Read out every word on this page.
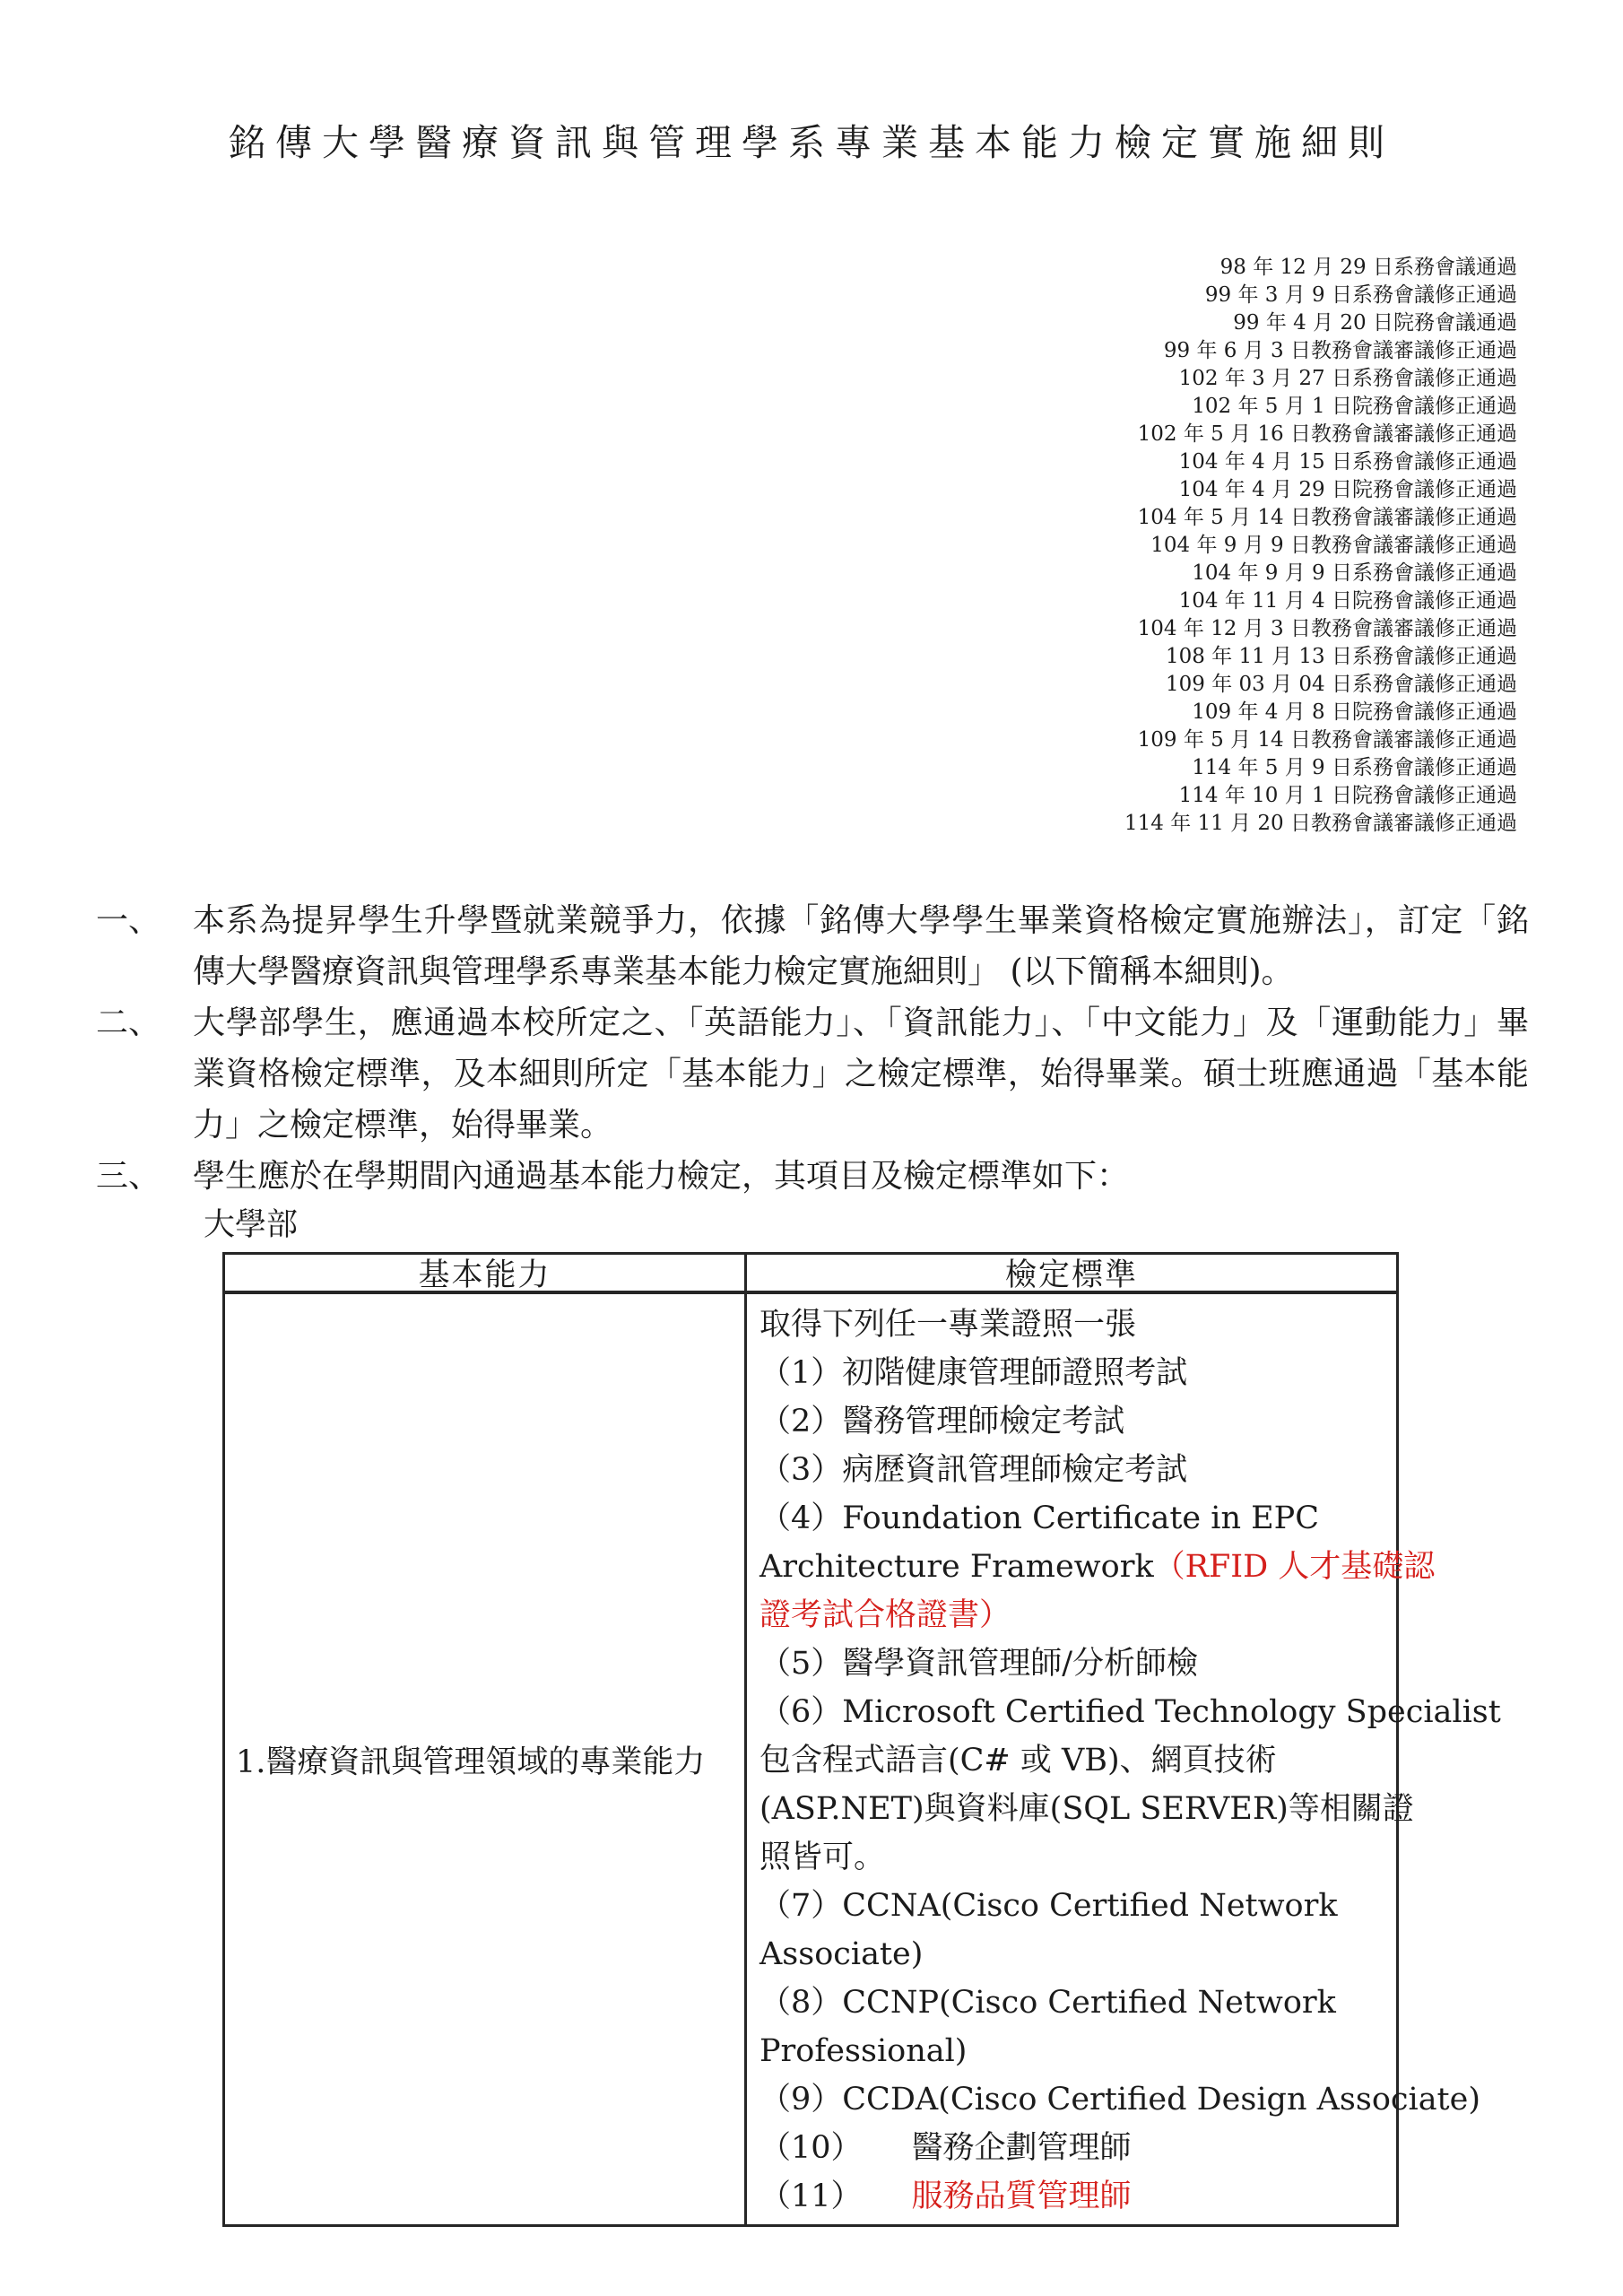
銘傳大學醫療資訊與管理學系專業基本能力檢定實施細則
98 年 12 月 29 日系務會議通過
99 年 3 月 9 日系務會議修正通過
99 年 4 月 20 日院務會議通過
99 年 6 月 3 日教務會議審議修正通過
102 年 3 月 27 日系務會議修正通過
102 年 5 月 1 日院務會議修正通過
102 年 5 月 16 日教務會議審議修正通過
104 年 4 月 15 日系務會議修正通過
104 年 4 月 29 日院務會議修正通過
104 年 5 月 14 日教務會議審議修正通過
104 年 9 月 9 日教務會議審議修正通過
104 年 9 月 9 日系務會議修正通過
104 年 11 月 4 日院務會議修正通過
104 年 12 月 3 日教務會議審議修正通過
108 年 11 月 13 日系務會議修正通過
109 年 03 月 04 日系務會議修正通過
109 年 4 月 8 日院務會議修正通過
109 年 5 月 14 日教務會議審議修正通過
114 年 5 月 9 日系務會議修正通過
114 年 10 月 1 日院務會議修正通過
114 年 11 月 20 日教務會議審議修正通過
一、 本系為提昇學生升學暨就業競爭力，依據「銘傳大學學生畢業資格檢定實施辦法」，訂定「銘傳大學醫療資訊與管理學系專業基本能力檢定實施細則」 (以下簡稱本細則)。
二、 大學部學生，應通過本校所定之、「英語能力」、「資訊能力」、「中文能力」及「運動能力」畢業資格檢定標準，及本細則所定「基本能力」之檢定標準，始得畢業。碩士班應通過「基本能力」之檢定標準，始得畢業。
三、 學生應於在學期間內通過基本能力檢定，其項目及檢定標準如下：
大學部
基本能力	檢定標準
1.醫療資訊與管理領域的專業能力
取得下列任一專業證照一張
（1）初階健康管理師證照考試
（2）醫務管理師檢定考試
（3）病歷資訊管理師檢定考試
（4）Foundation Certificate in EPC
Architecture Framework（RFID 人才基礎認
證考試合格證書）
（5）醫學資訊管理師/分析師檢
（6）Microsoft Certified Technology Specialist
包含程式語言(C# 或 VB)、網頁技術
(ASP.NET)與資料庫(SQL SERVER)等相關證
照皆可。
（7）CCNA(Cisco Certified Network
Associate)
（8）CCNP(Cisco Certified Network
Professional)
（9）CCDA(Cisco Certified Design Associate)
（10） 醫務企劃管理師
（11） 服務品質管理師
